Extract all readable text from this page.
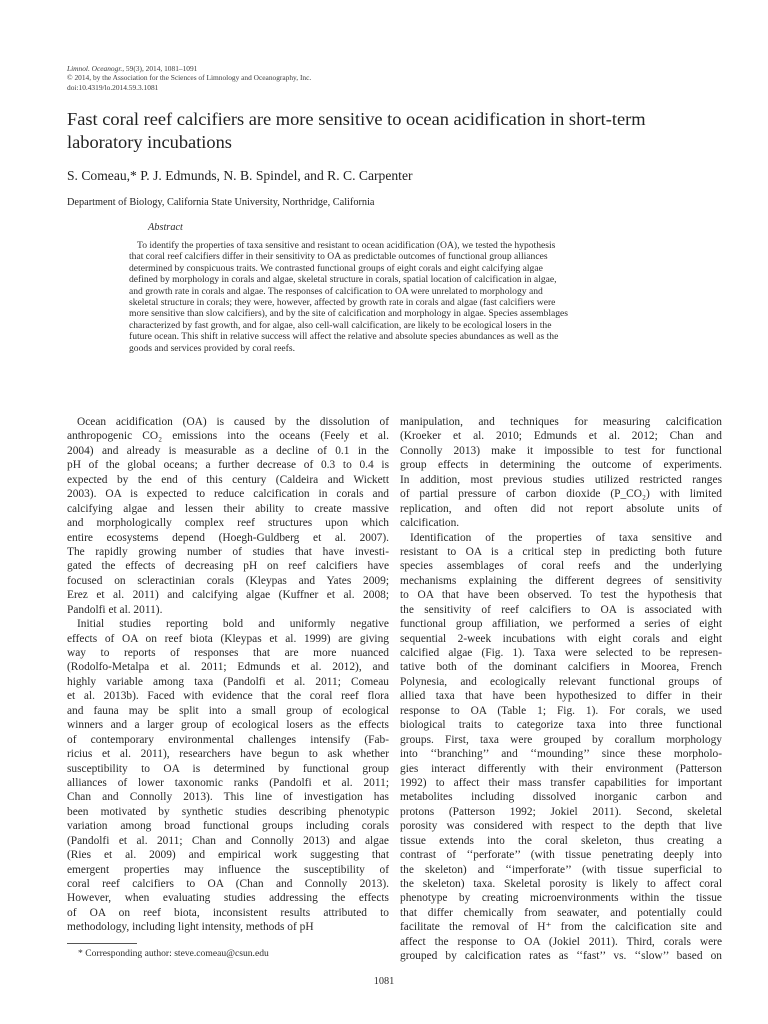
Limnol. Oceanogr., 59(3), 2014, 1081–1091
© 2014, by the Association for the Sciences of Limnology and Oceanography, Inc.
doi:10.4319/lo.2014.59.3.1081
Fast coral reef calcifiers are more sensitive to ocean acidification in short-term
laboratory incubations
S. Comeau,* P. J. Edmunds, N. B. Spindel, and R. C. Carpenter
Department of Biology, California State University, Northridge, California
Abstract
To identify the properties of taxa sensitive and resistant to ocean acidification (OA), we tested the hypothesis
that coral reef calcifiers differ in their sensitivity to OA as predictable outcomes of functional group alliances
determined by conspicuous traits. We contrasted functional groups of eight corals and eight calcifying algae
defined by morphology in corals and algae, skeletal structure in corals, spatial location of calcification in algae,
and growth rate in corals and algae. The responses of calcification to OA were unrelated to morphology and
skeletal structure in corals; they were, however, affected by growth rate in corals and algae (fast calcifiers were
more sensitive than slow calcifiers), and by the site of calcification and morphology in algae. Species assemblages
characterized by fast growth, and for algae, also cell-wall calcification, are likely to be ecological losers in the
future ocean. This shift in relative success will affect the relative and absolute species abundances as well as the
goods and services provided by coral reefs.
Ocean acidification (OA) is caused by the dissolution of
anthropogenic CO₂ emissions into the oceans (Feely et al.
2004) and already is measurable as a decline of 0.1 in the
pH of the global oceans; a further decrease of 0.3 to 0.4 is
expected by the end of this century (Caldeira and Wickett
2003). OA is expected to reduce calcification in corals and
calcifying algae and lessen their ability to create massive
and morphologically complex reef structures upon which
entire ecosystems depend (Hoegh-Guldberg et al. 2007).
The rapidly growing number of studies that have investi-
gated the effects of decreasing pH on reef calcifiers have
focused on scleractinian corals (Kleypas and Yates 2009;
Erez et al. 2011) and calcifying algae (Kuffner et al. 2008;
Pandolfi et al. 2011).
Initial studies reporting bold and uniformly negative
effects of OA on reef biota (Kleypas et al. 1999) are giving
way to reports of responses that are more nuanced
(Rodolfo-Metalpa et al. 2011; Edmunds et al. 2012), and
highly variable among taxa (Pandolfi et al. 2011; Comeau
et al. 2013b). Faced with evidence that the coral reef flora
and fauna may be split into a small group of ecological
winners and a larger group of ecological losers as the effects
of contemporary environmental challenges intensify (Fab-
ricius et al. 2011), researchers have begun to ask whether
susceptibility to OA is determined by functional group
alliances of lower taxonomic ranks (Pandolfi et al. 2011;
Chan and Connolly 2013). This line of investigation has
been motivated by synthetic studies describing phenotypic
variation among broad functional groups including corals
(Pandolfi et al. 2011; Chan and Connolly 2013) and algae
(Ries et al. 2009) and empirical work suggesting that
emergent properties may influence the susceptibility of
coral reef calcifiers to OA (Chan and Connolly 2013).
However, when evaluating studies addressing the effects
of OA on reef biota, inconsistent results attributed to
methodology, including light intensity, methods of pH
manipulation, and techniques for measuring calcification
(Kroeker et al. 2010; Edmunds et al. 2012; Chan and
Connolly 2013) make it impossible to test for functional
group effects in determining the outcome of experiments.
In addition, most previous studies utilized restricted ranges
of partial pressure of carbon dioxide (P_CO₂) with limited
replication, and often did not report absolute units of
calcification.
Identification of the properties of taxa sensitive and
resistant to OA is a critical step in predicting both future
species assemblages of coral reefs and the underlying
mechanisms explaining the different degrees of sensitivity
to OA that have been observed. To test the hypothesis that
the sensitivity of reef calcifiers to OA is associated with
functional group affiliation, we performed a series of eight
sequential 2-week incubations with eight corals and eight
calcified algae (Fig. 1). Taxa were selected to be represen-
tative both of the dominant calcifiers in Moorea, French
Polynesia, and ecologically relevant functional groups of
allied taxa that have been hypothesized to differ in their
response to OA (Table 1; Fig. 1). For corals, we used
biological traits to categorize taxa into three functional
groups. First, taxa were grouped by corallum morphology
into ‘‘branching’’ and ‘‘mounding’’ since these morpholo-
gies interact differently with their environment (Patterson
1992) to affect their mass transfer capabilities for important
metabolites including dissolved inorganic carbon and
protons (Patterson 1992; Jokiel 2011). Second, skeletal
porosity was considered with respect to the depth that live
tissue extends into the coral skeleton, thus creating a
contrast of ‘‘perforate’’ (with tissue penetrating deeply into
the skeleton) and ‘‘imperforate’’ (with tissue superficial to
the skeleton) taxa. Skeletal porosity is likely to affect coral
phenotype by creating microenvironments within the tissue
that differ chemically from seawater, and potentially could
facilitate the removal of H⁺ from the calcification site and
affect the response to OA (Jokiel 2011). Third, corals were
grouped by calcification rates as ‘‘fast’’ vs. ‘‘slow’’ based on
* Corresponding author: steve.comeau@csun.edu
1081
